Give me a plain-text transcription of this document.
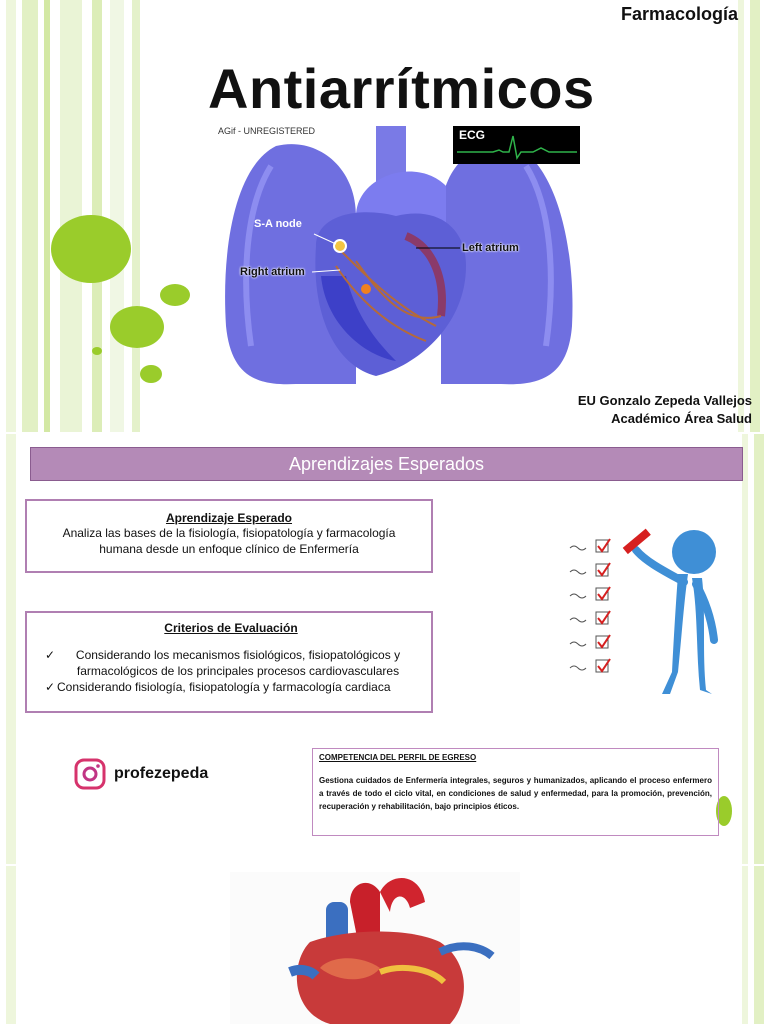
Farmacología
Antiarrítmicos
ECG
AGif - UNREGISTERED
S-A node
Left atrium
Right atrium
EU Gonzalo Zepeda Vallejos
Académico Área Salud
Aprendizajes Esperados
Aprendizaje Esperado
Analiza las bases de la fisiología, fisiopatología y farmacología humana desde un enfoque clínico de Enfermería
Criterios de Evaluación
✓	Considerando los mecanismos fisiológicos, fisiopatológicos y farmacológicos de los principales procesos cardiovasculares
✓ Considerando fisiología, fisiopatología y farmacología cardiaca
profezepeda
COMPETENCIA DEL PERFIL DE EGRESO
Gestiona cuidados de Enfermería integrales, seguros y humanizados, aplicando el proceso enfermero a través de todo el ciclo vital, en condiciones de salud y enfermedad, para la promoción, prevención, recuperación y rehabilitación, bajo principios éticos.
